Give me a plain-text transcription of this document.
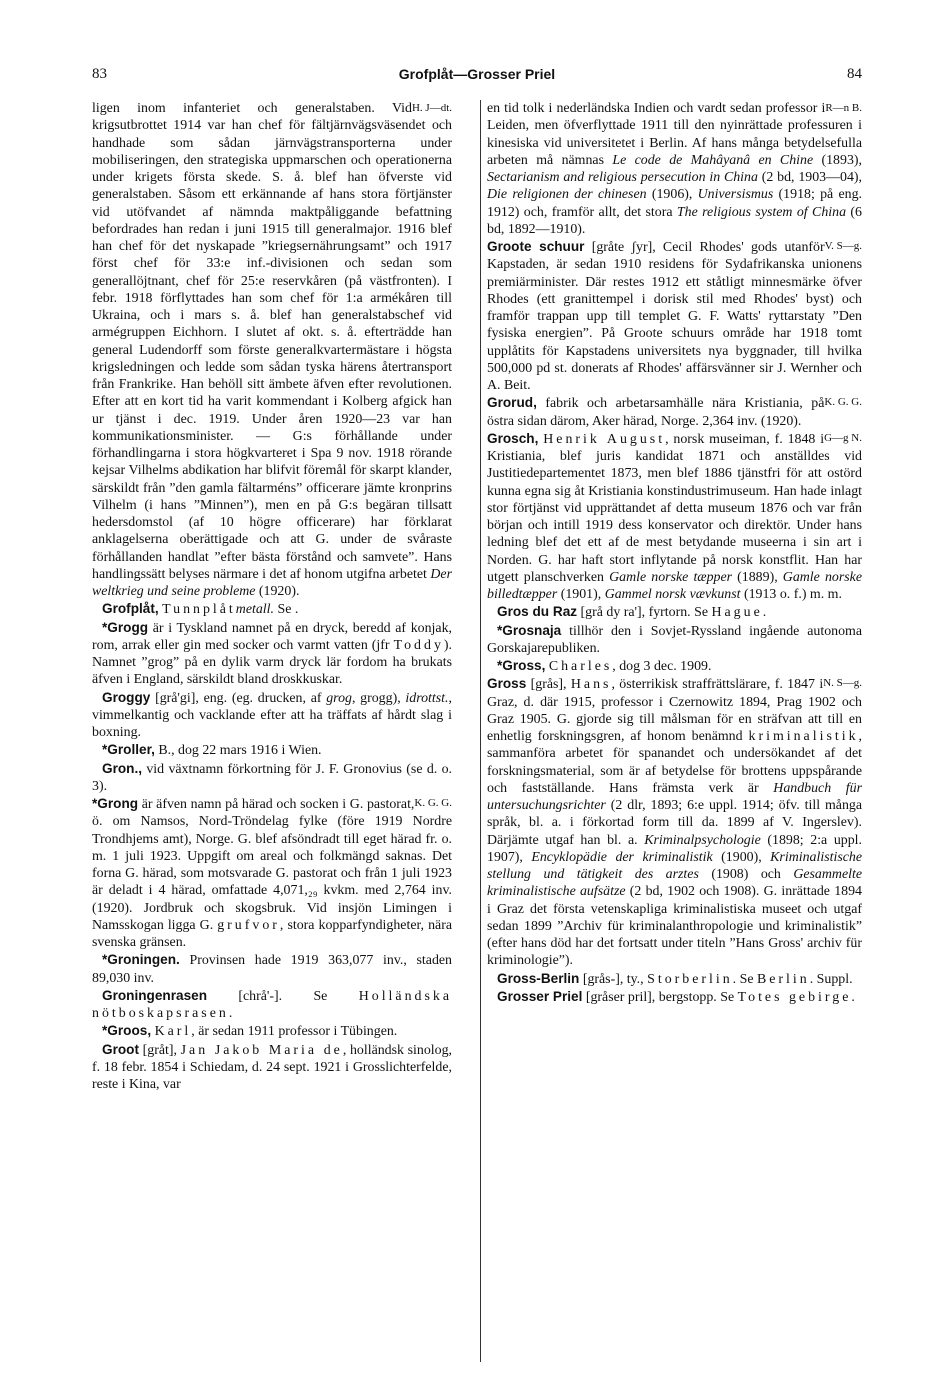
83	Grofplåt—Grosser Priel	84

H. J—dt.
ligen inom infanteriet och generalstaben. Vid krigsutbrottet 1914 var han chef för fältjärnvägsväsendet och handhade som sådan järnvägstransporterna under mobiliseringen, den strategiska uppmarschen och operationerna under krigets första skede. S. å. blef han öfverste vid generalstaben. Såsom ett erkännande af hans stora förtjänster vid utöfvandet af nämnda maktpåliggande befattning befordrades han redan i juni 1915 till generalmajor. 1916 blef han chef för det nyskapade ”kriegsernährungsamt” och 1917 först chef för 33:e inf.-divisionen och sedan som generallöjtnant, chef för 25:e reservkåren (på västfronten). I febr. 1918 förflyttades han som chef för 1:a armékåren till Ukraina, och i mars s. å. blef han generalstabschef vid armégruppen Eichhorn. I slutet af okt. s. å. efterträdde han general Ludendorff som förste generalkvartermästare i högsta krigsledningen och ledde som sådan tyska härens återtransport från Frankrike. Han behöll sitt ämbete äfven efter revolutionen. Efter att en kort tid ha varit kommendant i Kolberg afgick han ur tjänst i dec. 1919. Under åren 1920—23 var han kommunikationsminister. — G:s förhållande under förhandlingarna i stora högkvarteret i Spa 9 nov. 1918 rörande kejsar Vilhelms abdikation har blifvit föremål för skarpt klander, särskildt från ”den gamla fältarméns” officerare jämte kronprins Vilhelm (i hans ”Minnen”), men en på G:s begäran tillsatt hedersdomstol (af 10 högre officerare) har förklarat anklagelserna oberättigade och att G. under de svåraste förhållanden handlat ”efter bästa förstånd och samvete”. Hans handlingssätt belyses närmare i det af honom utgifna arbetet Der weltkrieg und seine probleme (1920).

Grofplåt, Tunnplåtmetall. Se .

*Grogg är i Tyskland namnet på en dryck, beredd af konjak, rom, arrak eller gin med socker och varmt vatten (jfr Toddy). Namnet ”grog” på en dylik varm dryck lär fordom ha brukats äfven i England, särskildt bland droskkuskar.

Groggy [grå'gi], eng. (eg. drucken, af grog, grogg), idrottst., vimmelkantig och vacklande efter att ha träffats af hårdt slag i boxning.

*Groller, B., dog 22 mars 1916 i Wien.

Gron., vid växtnamn förkortning för J. F. Gronovius (se d. o. 3).

K. G. G.
*Grong är äfven namn på härad och socken i G. pastorat, ö. om Namsos, Nord-Tröndelag fylke (före 1919 Nordre Trondhjems amt), Norge. G. blef afsöndradt till eget härad fr. o. m. 1 juli 1923. Uppgift om areal och folkmängd saknas. Det forna G. härad, som motsvarade G. pastorat och från 1 juli 1923 är deladt i 4 härad, omfattade 4,071,₂₉ kvkm. med 2,764 inv. (1920). Jordbruk och skogsbruk. Vid insjön Limingen i Namsskogan ligga G. grufvor, stora kopparfyndigheter, nära svenska gränsen.

*Groningen. Provinsen hade 1919 363,077 inv., staden 89,030 inv.

Groningenrasen [chrå'-]. Se Holländska nötboskapsrasen.

*Groos, Karl, är sedan 1911 professor i Tübingen.

Groot [gråt], Jan Jakob Maria de, holländsk sinolog, f. 18 febr. 1854 i Schiedam, d. 24 sept. 1921 i Grosslichterfelde, reste i Kina, var

R—n B.
en tid tolk i nederländska Indien och vardt sedan professor i Leiden, men öfverflyttade 1911 till den nyinrättade professuren i kinesiska vid universitetet i Berlin. Af hans många betydelsefulla arbeten må nämnas Le code de Mahâyanâ en Chine (1893), Sectarianism and religious persecution in China (2 bd, 1903—04), Die religionen der chinesen (1906), Universismus (1918; på eng. 1912) och, framför allt, det stora The religious system of China (6 bd, 1892—1910).

V. S—g.
Groote schuur [gråte ʃyr], Cecil Rhodes' gods utanför Kapstaden, är sedan 1910 residens för Sydafrikanska unionens premiärminister. Där restes 1912 ett ståtligt minnesmärke öfver Rhodes (ett granittempel i dorisk stil med Rhodes' byst) och framför trappan upp till templet G. F. Watts' ryttarstaty ”Den fysiska energien”. På Groote schuurs område har 1918 tomt upplåtits för Kapstadens universitets nya byggnader, till hvilka 500,000 pd st. donerats af Rhodes' affärsvänner sir J. Wernher och A. Beit.

K. G. G.
Grorud, fabrik och arbetarsamhälle nära Kristiania, på östra sidan därom, Aker härad, Norge. 2,364 inv. (1920).

G—g N.
Grosch, Henrik August, norsk museiman, f. 1848 i Kristiania, blef juris kandidat 1871 och anställdes vid Justitiedepartementet 1873, men blef 1886 tjänstfri för att ostörd kunna egna sig åt Kristiania konstindustrimuseum. Han hade inlagt stor förtjänst vid upprättandet af detta museum 1876 och var från början och intill 1919 dess konservator och direktör. Under hans ledning blef det ett af de mest betydande museerna i sin art i Norden. G. har haft stort inflytande på norsk konstflit. Han har utgett planschverken Gamle norske tæpper (1889), Gamle norske billedtæpper (1901), Gammel norsk vævkunst (1913 o. f.) m. m.

Gros du Raz [grå dy ra'], fyrtorn. Se Hague.

*Grosnaja tillhör den i Sovjet-Ryssland ingående autonoma Gorskajarepubliken.

*Gross, Charles, dog 3 dec. 1909.

N. S—g.
Gross [grås], Hans, österrikisk straffrättslärare, f. 1847 i Graz, d. där 1915, professor i Czernowitz 1894, Prag 1902 och Graz 1905. G. gjorde sig till målsman för en sträfvan att till en enhetlig forskningsgren, af honom benämnd kriminalistik, sammanföra arbetet för spanandet och undersökandet af det forskningsmaterial, som är af betydelse för brottens uppspårande och fastställande. Hans främsta verk är Handbuch für untersuchungsrichter (2 dlr, 1893; 6:e uppl. 1914; öfv. till många språk, bl. a. i förkortad form till da. 1899 af V. Ingerslev). Därjämte utgaf han bl. a. Kriminalpsychologie (1898; 2:a uppl. 1907), Encyklopädie der kriminalistik (1900), Kriminalistische stellung und tätigkeit des arztes (1908) och Gesammelte kriminalistische aufsätze (2 bd, 1902 och 1908). G. inrättade 1894 i Graz det första vetenskapliga kriminalistiska museet och utgaf sedan 1899 ”Archiv für kriminalanthropologie und kriminalistik” (efter hans död har det fortsatt under titeln ”Hans Gross' archiv für kriminologie”).

Gross-Berlin [grås-], ty., Storberlin. Se Berlin. Suppl.

Grosser Priel [gråser pril], bergstopp. Se Totes gebirge.
